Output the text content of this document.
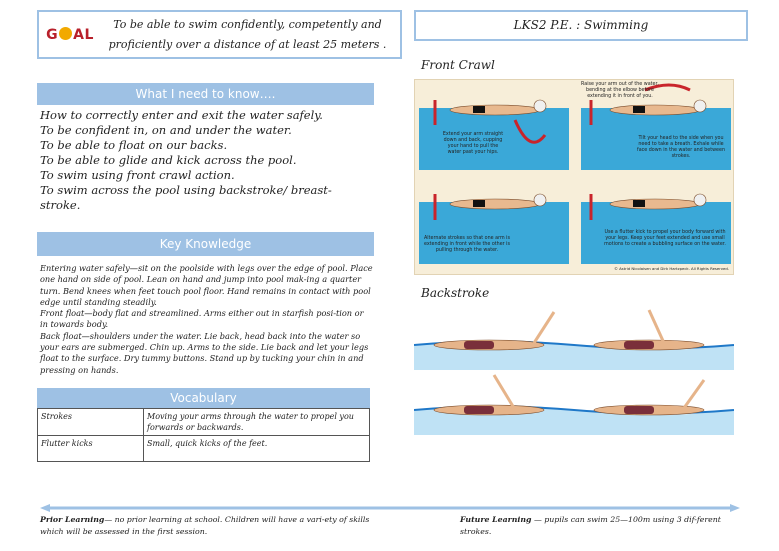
G AL
To be able to swim confidently, competently and proficiently over a distance of at least 25 meters .
LKS2 P.E. : Swimming
What I need to know….
How to correctly enter and exit the water safely.
To be confident in, on and under the water.
To be able to float on our backs.
To be able to glide and kick across the pool.
To swim using front crawl action.
To swim across the pool using backstroke/ breast-stroke.
Key Knowledge
Entering water safely—sit on the poolside with legs over the edge of pool. Place one hand on side of pool. Lean on hand and jump into pool mak-ing a quarter turn. Bend knees when feet touch pool floor. Hand remains in contact with pool edge until standing steadily.
Front float—body flat and streamlined. Arms either out in starfish posi-tion or in towards body.
Back float—shoulders under the water. Lie back, head back into the water so your ears are submerged. Chin up. Arms to the side. Lie back and let your legs float to the surface. Dry tummy buttons. Stand up by tucking your chin in and pressing on hands.
Vocabulary
Strokes	Moving your arms through the water to propel you forwards or backwards.
Flutter kicks	Small, quick kicks of the feet.
Front Crawl
Extend your arm straight down and back, cupping your hand to pull the water past your hips.
Raise your arm out of the water, bending at the elbow before extending it in front of you.
Tilt your head to the side when you need to take a breath. Exhale while face down in the water and between strokes.
Alternate strokes so that one arm is extending in front while the other is pulling through the water.
Use a flutter kick to propel your body forward with your legs. Keep your feet extended and use small motions to create a bubbling surface on the water.
© Astrid Nicolaisen and Dirk Hartzpeck. All Rights Reserved.
Backstroke
Prior Learning— no prior learning at school. Children will have a vari-ety of skills which will be assessed in the first session.
Future Learning — pupils can swim 25—100m using 3 dif-ferent strokes.
